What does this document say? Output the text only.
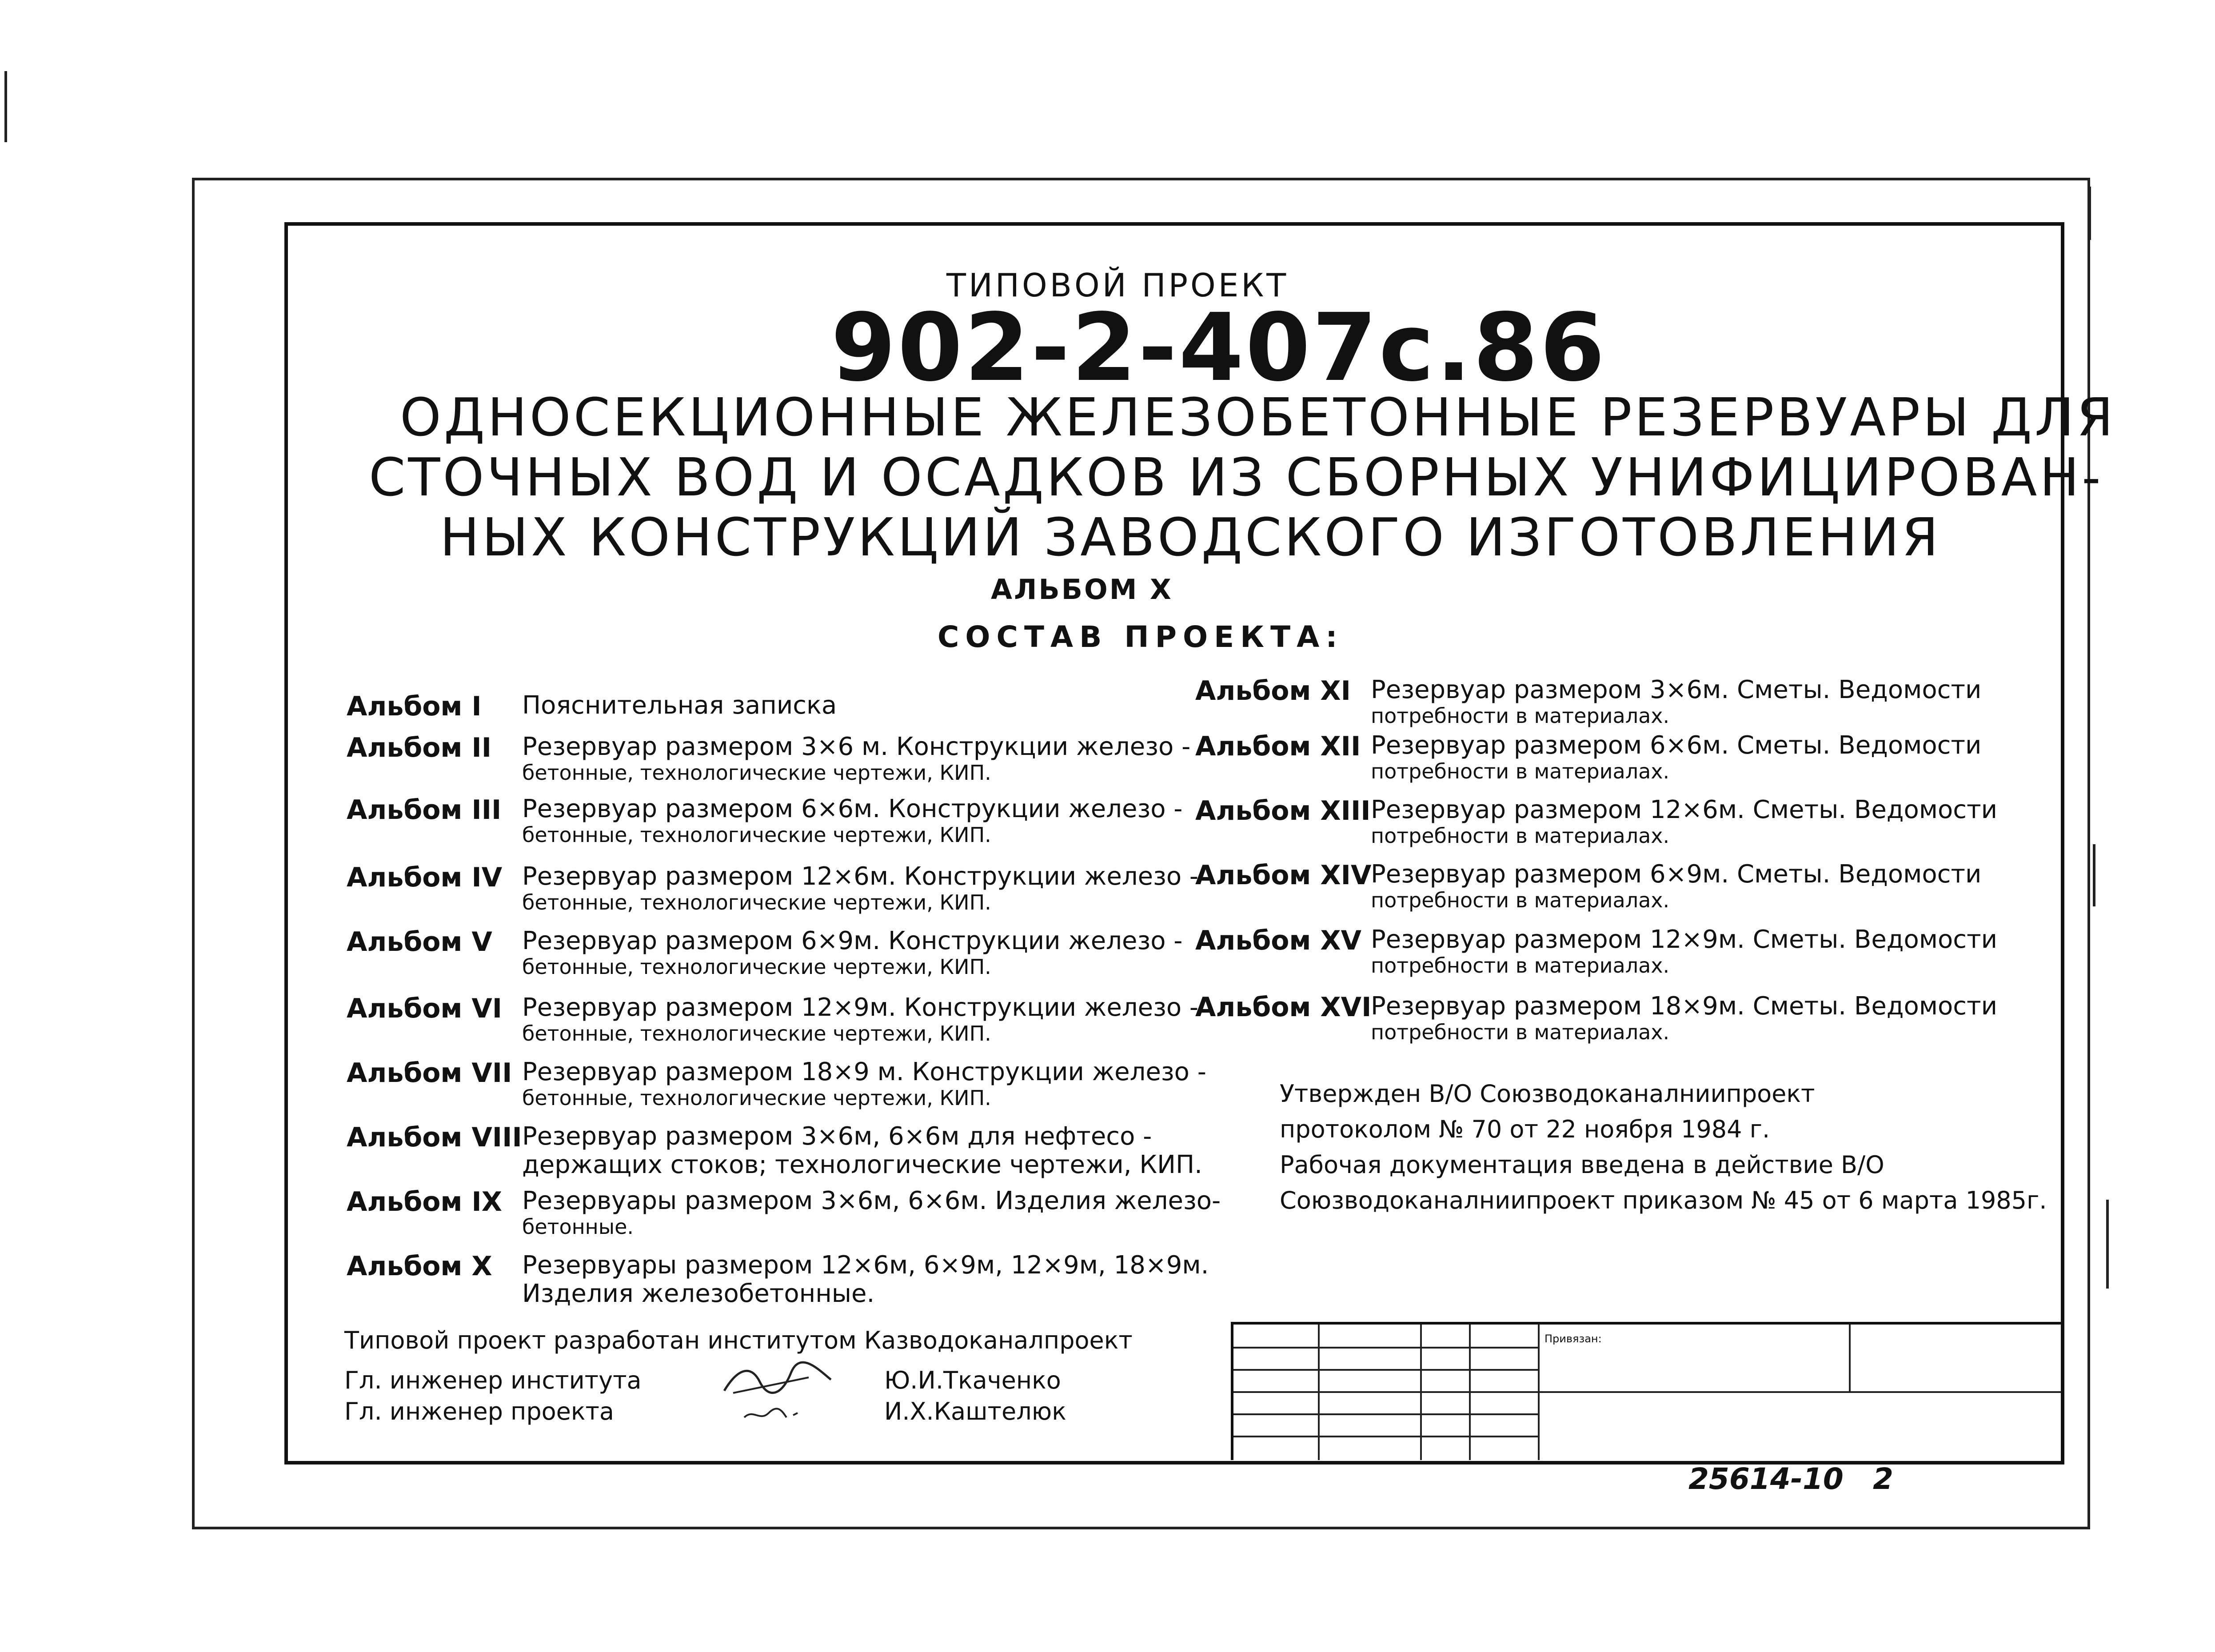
ТИПОВОЙ ПРОЕКТ
902-2-407с.86
ОДНОСЕКЦИОННЫЕ ЖЕЛЕЗОБЕТОННЫЕ РЕЗЕРВУАРЫ ДЛЯ
СТОЧНЫХ ВОД И ОСАДКОВ ИЗ СБОРНЫХ УНИФИЦИРОВАН-
НЫХ КОНСТРУКЦИЙ ЗАВОДСКОГО ИЗГОТОВЛЕНИЯ
АЛЬБОМ X
СОСТАВ ПРОЕКТА:
Альбом I Пояснительная записка
Альбом II Резервуар размером 3×6 м. Конструкции железо -
бетонные, технологические чертежи, КИП.
Альбом III Резервуар размером 6×6м. Конструкции железо -
бетонные, технологические чертежи, КИП.
Альбом IV Резервуар размером 12×6м. Конструкции железо -
бетонные, технологические чертежи, КИП.
Альбом V Резервуар размером 6×9м. Конструкции железо -
бетонные, технологические чертежи, КИП.
Альбом VI Резервуар размером 12×9м. Конструкции железо -
бетонные, технологические чертежи, КИП.
Альбом VII Резервуар размером 18×9 м. Конструкции железо -
бетонные, технологические чертежи, КИП.
Альбом VIII Резервуар размером 3×6м, 6×6м для нефтесо -
держащих стоков; технологические чертежи, КИП.
Альбом IX Резервуары размером 3×6м, 6×6м. Изделия железо-
бетонные.
Альбом X Резервуары размером 12×6м, 6×9м, 12×9м, 18×9м.
Изделия железобетонные.
Альбом XI Резервуар размером 3×6м. Сметы. Ведомости
потребности в материалах.
Альбом XII Резервуар размером 6×6м. Сметы. Ведомости
потребности в материалах.
Альбом XIII Резервуар размером 12×6м. Сметы. Ведомости
потребности в материалах.
Альбом XIV
Резервуар размером 6×9м. Сметы. Ведомости
потребности в материалах.
Альбом XV Резервуар размером 12×9м. Сметы. Ведомости
потребности в материалах.
Альбом XVI
Резервуар размером 18×9м. Сметы. Ведомости
потребности в материалах.
Утвержден В/О Союзводоканалниипроект
протоколом № 70 от 22 ноября 1984 г.
Рабочая документация введена в действие В/О
Союзводоканалниипроект приказом № 45 от 6 марта 1985г.
Типовой проект разработан институтом Казводоканалпроект
Гл. инженер института	Ю.И.Ткаченко
Гл. инженер проекта	И.Х.Каштелюк
Привязан:
25614-10 2
